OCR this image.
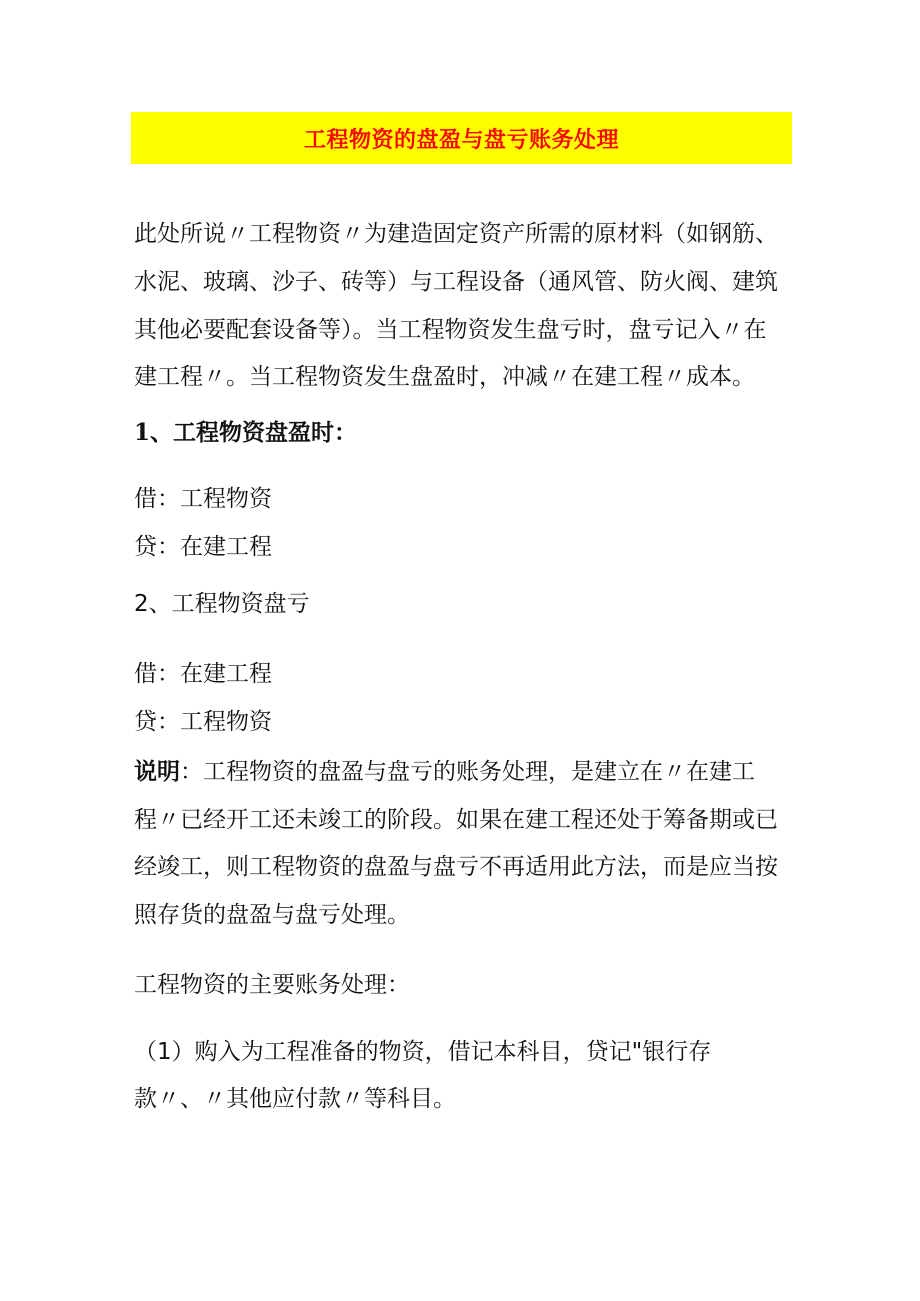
工程物资的盘盈与盘亏账务处理
此处所说〃工程物资〃为建造固定资产所需的原材料（如钢筋、
水泥、玻璃、沙子、砖等）与工程设备（通风管、防火阀、建筑
其他必要配套设备等）。当工程物资发生盘亏时，盘亏记入〃在
建工程〃。当工程物资发生盘盈时，冲减〃在建工程〃成本。
1、工程物资盘盈时：
借：工程物资
贷：在建工程
2、工程物资盘亏
借：在建工程
贷：工程物资
说明：工程物资的盘盈与盘亏的账务处理，是建立在〃在建工
程〃已经开工还未竣工的阶段。如果在建工程还处于筹备期或已
经竣工，则工程物资的盘盈与盘亏不再适用此方法，而是应当按
照存货的盘盈与盘亏处理。
工程物资的主要账务处理：
（1）购入为工程准备的物资，借记本科目，贷记"银行存
款〃、〃其他应付款〃等科目。
